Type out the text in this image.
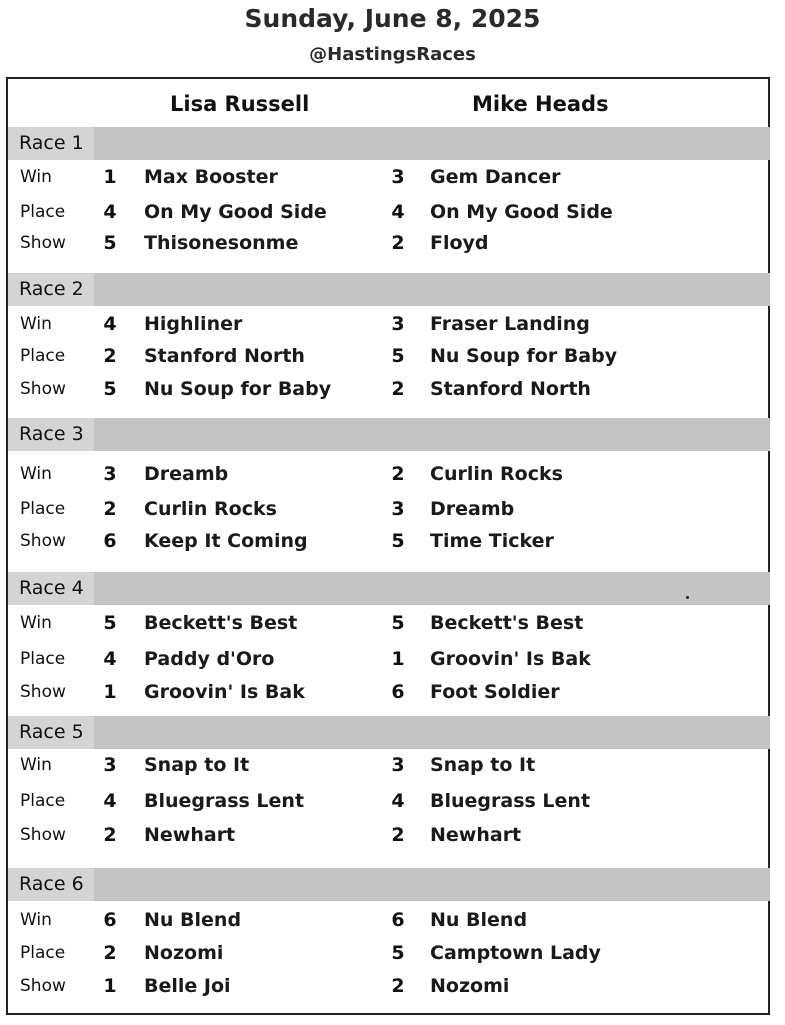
Sunday, June 8, 2025
@HastingsRaces
Lisa Russell	Mike Heads
Race 1
Win	1 Max Booster	3 Gem Dancer
Place 4 On My Good Side	4 On My Good Side
Show 5 Thisonesonme	2 Floyd
Race 2
Win	4 Highliner	3 Fraser Landing
Place 2 Stanford North	5 Nu Soup for Baby
Show 5 Nu Soup for Baby	2 Stanford North
Race 3
Win	3 Dreamb	2 Curlin Rocks
Place 2 Curlin Rocks	3 Dreamb
Show 6 Keep It Coming	5 Time Ticker
Race 4
Win	5 Beckett's Best	5 Beckett's Best
Place 4 Paddy d'Oro	1 Groovin' Is Bak
Show 1 Groovin' Is Bak	6 Foot Soldier
Race 5
Win	3 Snap to It	3 Snap to It
Place 4 Bluegrass Lent	4 Bluegrass Lent
Show 2 Newhart	2 Newhart
Race 6
Win	6 Nu Blend	6 Nu Blend
Place 2 Nozomi	5 Camptown Lady
Show 1 Belle Joi	2 Nozomi
